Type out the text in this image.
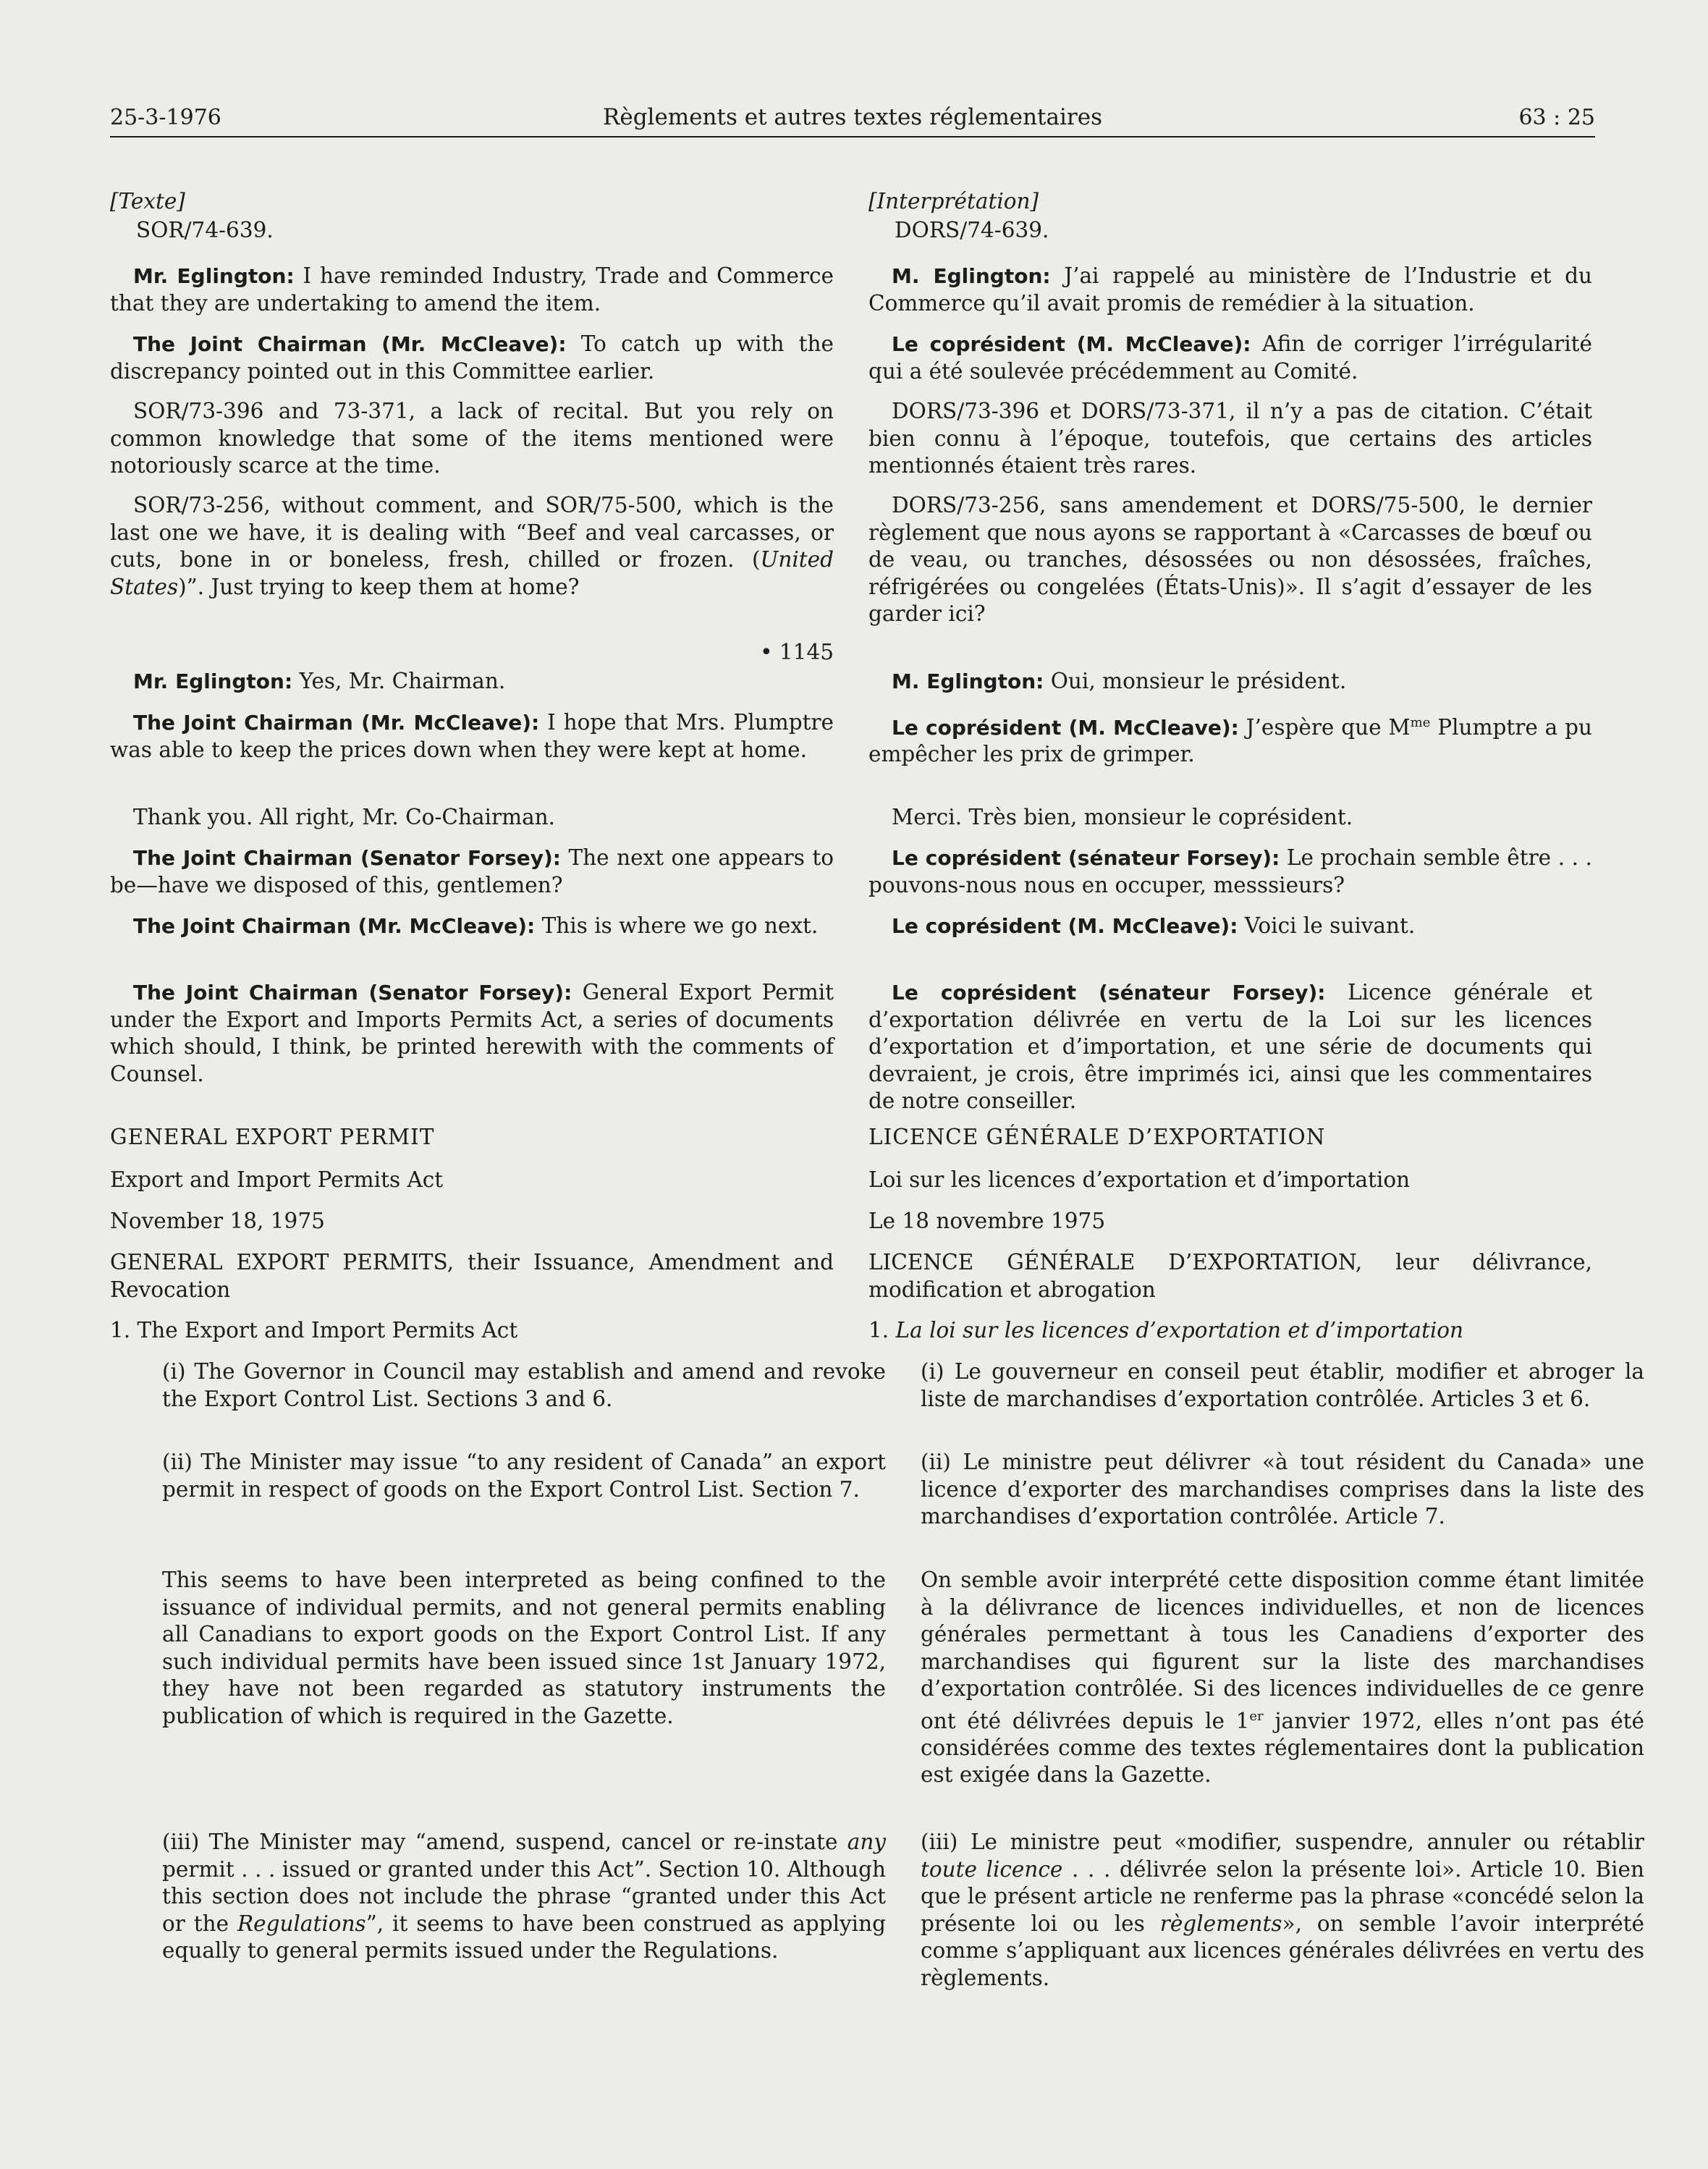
25-3-1976	Règlements et autres textes réglementaires	63 : 25

[Texte]

SOR/74-639.

Mr. Eglington: I have reminded Industry, Trade and Commerce that they are undertaking to amend the item.

The Joint Chairman (Mr. McCleave): To catch up with the discrepancy pointed out in this Committee earlier.

SOR/73-396 and 73-371, a lack of recital. But you rely on common knowledge that some of the items mentioned were notoriously scarce at the time.

SOR/73-256, without comment, and SOR/75-500, which is the last one we have, it is dealing with “Beef and veal carcasses, or cuts, bone in or boneless, fresh, chilled or frozen. (United States)”. Just trying to keep them at home?

• 1145

Mr. Eglington: Yes, Mr. Chairman.

The Joint Chairman (Mr. McCleave): I hope that Mrs. Plumptre was able to keep the prices down when they were kept at home.

Thank you. All right, Mr. Co-Chairman.

The Joint Chairman (Senator Forsey): The next one appears to be—have we disposed of this, gentlemen?

The Joint Chairman (Mr. McCleave): This is where we go next.

The Joint Chairman (Senator Forsey): General Export Permit under the Export and Imports Permits Act, a series of documents which should, I think, be printed herewith with the comments of Counsel.

GENERAL EXPORT PERMIT

Export and Import Permits Act

November 18, 1975

GENERAL EXPORT PERMITS, their Issuance, Amendment and Revocation

1. The Export and Import Permits Act

(i) The Governor in Council may establish and amend and revoke the Export Control List. Sections 3 and 6.

(ii) The Minister may issue “to any resident of Canada” an export permit in respect of goods on the Export Control List. Section 7.

This seems to have been interpreted as being confined to the issuance of individual permits, and not general permits enabling all Canadians to export goods on the Export Control List. If any such individual permits have been issued since 1st January 1972, they have not been regarded as statutory instruments the publication of which is required in the Gazette.

(iii) The Minister may “amend, suspend, cancel or re-instate any permit . . . issued or granted under this Act”. Section 10. Although this section does not include the phrase “granted under this Act or the Regulations”, it seems to have been construed as applying equally to general permits issued under the Regulations.

[Interprétation]

DORS/74-639.

M. Eglington: J’ai rappelé au ministère de l’Industrie et du Commerce qu’il avait promis de remédier à la situation.

Le coprésident (M. McCleave): Afin de corriger l’irrégularité qui a été soulevée précédemment au Comité.

DORS/73-396 et DORS/73-371, il n’y a pas de citation. C’était bien connu à l’époque, toutefois, que certains des articles mentionnés étaient très rares.

DORS/73-256, sans amendement et DORS/75-500, le dernier règlement que nous ayons se rapportant à «Carcasses de bœuf ou de veau, ou tranches, désossées ou non désossées, fraîches, réfrigérées ou congelées (États-Unis)». Il s’agit d’essayer de les garder ici?

M. Eglington: Oui, monsieur le président.

Le coprésident (M. McCleave): J’espère que $M^{me}$ Plumptre a pu empêcher les prix de grimper.

Merci. Très bien, monsieur le coprésident.

Le coprésident (sénateur Forsey): Le prochain semble être . . . pouvons-nous nous en occuper, messsieurs?

Le coprésident (M. McCleave): Voici le suivant.

Le coprésident (sénateur Forsey): Licence générale et d’exportation délivrée en vertu de la Loi sur les licences d’exportation et d’importation, et une série de documents qui devraient, je crois, être imprimés ici, ainsi que les commentaires de notre conseiller.

LICENCE GÉNÉRALE D’EXPORTATION

Loi sur les licences d’exportation et d’importation

Le 18 novembre 1975

LICENCE GÉNÉRALE D’EXPORTATION, leur délivrance, modification et abrogation

1. La loi sur les licences d’exportation et d’importation

(i) Le gouverneur en conseil peut établir, modifier et abroger la liste de marchandises d’exportation contrôlée. Articles 3 et 6.

(ii) Le ministre peut délivrer «à tout résident du Canada» une licence d’exporter des marchandises comprises dans la liste des marchandises d’exportation contrôlée. Article 7.

On semble avoir interprété cette disposition comme étant limitée à la délivrance de licences individuelles, et non de licences générales permettant à tous les Canadiens d’exporter des marchandises qui figurent sur la liste des marchandises d’exportation contrôlée. Si des licences individuelles de ce genre ont été délivrées depuis le 1er janvier 1972, elles n’ont pas été considérées comme des textes réglementaires dont la publication est exigée dans la Gazette.

(iii) Le ministre peut «modifier, suspendre, annuler ou rétablir toute licence . . . délivrée selon la présente loi». Article 10. Bien que le présent article ne renferme pas la phrase «concédé selon la présente loi ou les règlements», on semble l’avoir interprété comme s’appliquant aux licences générales délivrées en vertu des règlements.
